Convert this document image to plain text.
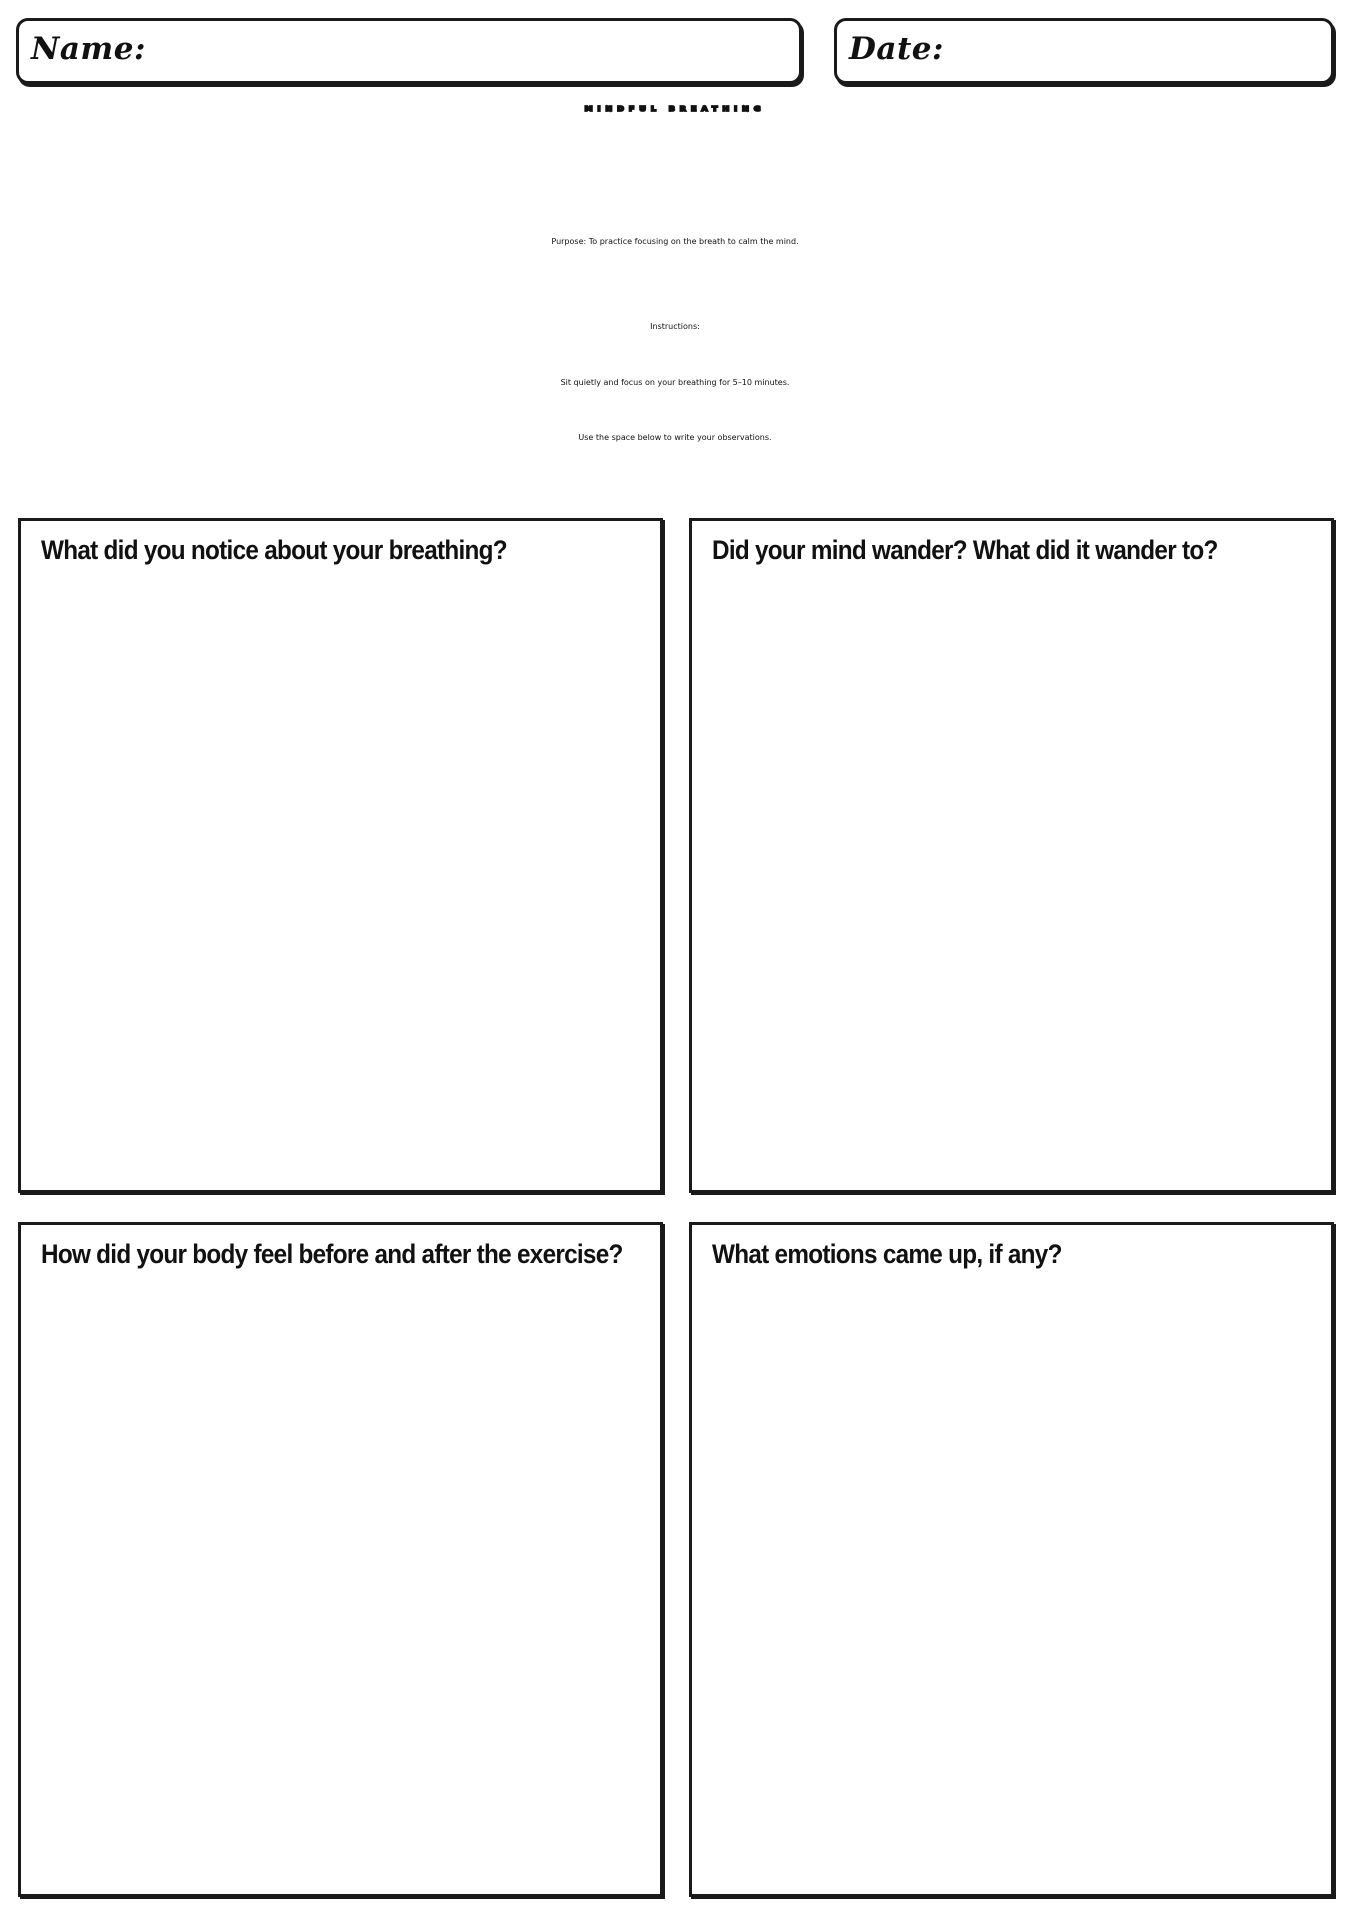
Name:	Date:
MINDFUL BREATHING
Purpose: To practice focusing on the breath to calm the mind.
Instructions:
Sit quietly and focus on your breathing for 5–10 minutes.
Use the space below to write your observations.
What did you notice about your breathing?	Did your mind wander? What did it wander to?
How did your body feel before and after the exercise?	What emotions came up, if any?
